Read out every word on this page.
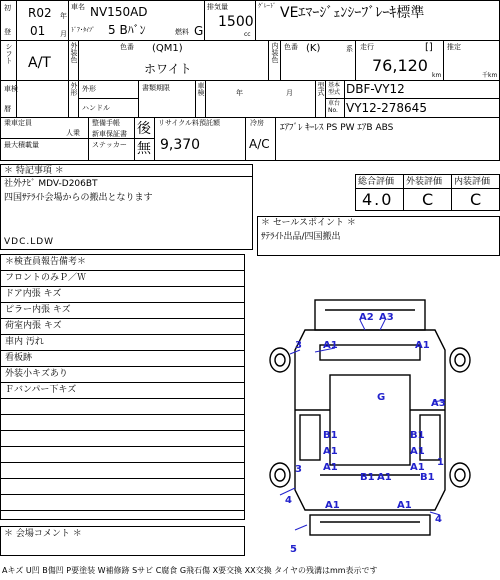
初
登
R02 年
01 月
車名 NV150AD
ﾄﾞｱ･ﾀｲﾌﾟ 5 Bﾊﾞﾝ	燃料 G
排気量
1500
cc
ｸﾞﾚｰﾄﾞ VEｴﾏｰｼﾞｪﾝｼｰﾌﾞﾚｰｷ標準
シフト A/T	外装色	色番 (QM1)
ホワイト
内装色 色番 (K)	系 走行	[]
76,120
km
推定
千km
車検
暦
外形 外形
ハンドル
書類期限	車検	年	月	型式 基本型式 DBF-VY12
車台No. VY12-278645
乗車定員
人乗
最大積載量
整備手帳
新車保証書
ステッカー
後
無
リサイクル料預託額
9,370
冷房
A/C
ｴｱﾌﾞﾚ ｷｰﾚｽ PS PW ｴｱB ABS
＊ 特記事項 ＊
社外ﾅﾋﾞ MDV-D206BT
四国ｻﾃﾗｲﾄ会場からの搬出となります
VDC.LDW
総合評価 外装評価 内装評価
4.0 C C
＊ セールスポイント ＊
ｻﾃﾗｲﾄ出品/四国搬出
＊検査員報告備考＊
フロントのみＰ／Ｗ
ドア内張 キズ
ピラー内張 キズ
荷室内張 キズ
車内 汚れ
看板跡
外装小キズあり
Ｆバンパー下キズ
＊ 会場コメント ＊
A2 A3
3 A1	A1
G
A3
B1
A1
B1
A1
A1
3	A1
B1 A1
1
B1
4	A1	A1
4
5
Aキズ U凹 B傷凹 P要塗装 W補修跡 Sサビ C腐食 G飛石傷 X要交換 XX交換 タイヤの残溝はmm表示です
